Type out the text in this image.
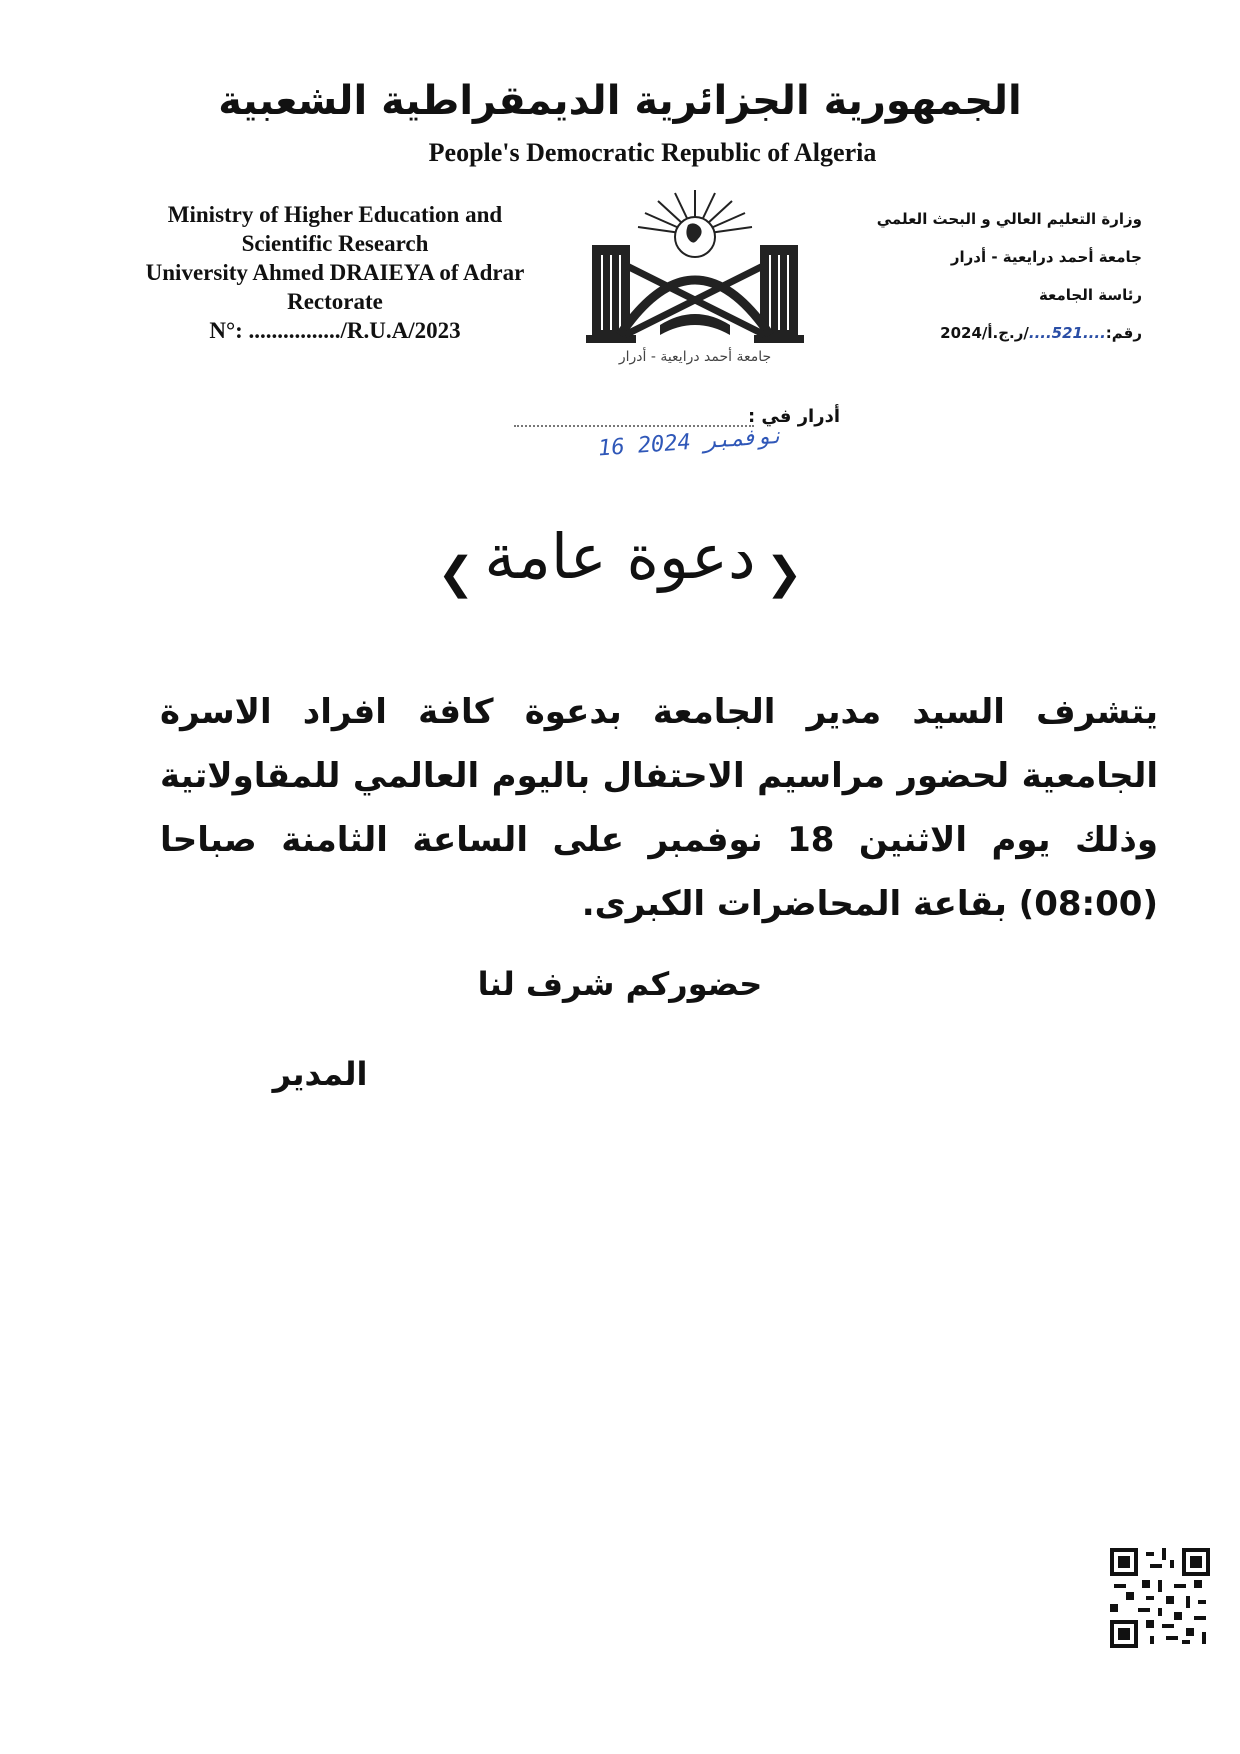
الجمهورية الجزائرية الديمقراطية الشعبية
People's Democratic Republic of Algeria
Ministry of Higher Education and Scientific Research
University Ahmed DRAIEYA of Adrar
Rectorate
N°: ................/R.U.A/2023
جامعة أحمد درايعية - أدرار
وزارة التعليم العالي و البحث العلمي
جامعة أحمد درايعية - أدرار
رئاسة الجامعة
رقم:....521..../ر.ج.أ/2024
أدرار في :
16 نوفمبر 2024
❮ دعوة عامة ❯
يتشرف السيد مدير الجامعة بدعوة كافة افراد الاسرة الجامعية لحضور مراسيم الاحتفال باليوم العالمي للمقاولاتية وذلك يوم الاثنين 18 نوفمبر على الساعة الثامنة صباحا (08:00) بقاعة المحاضرات الكبرى.
حضوركم شرف لنا
المدير
